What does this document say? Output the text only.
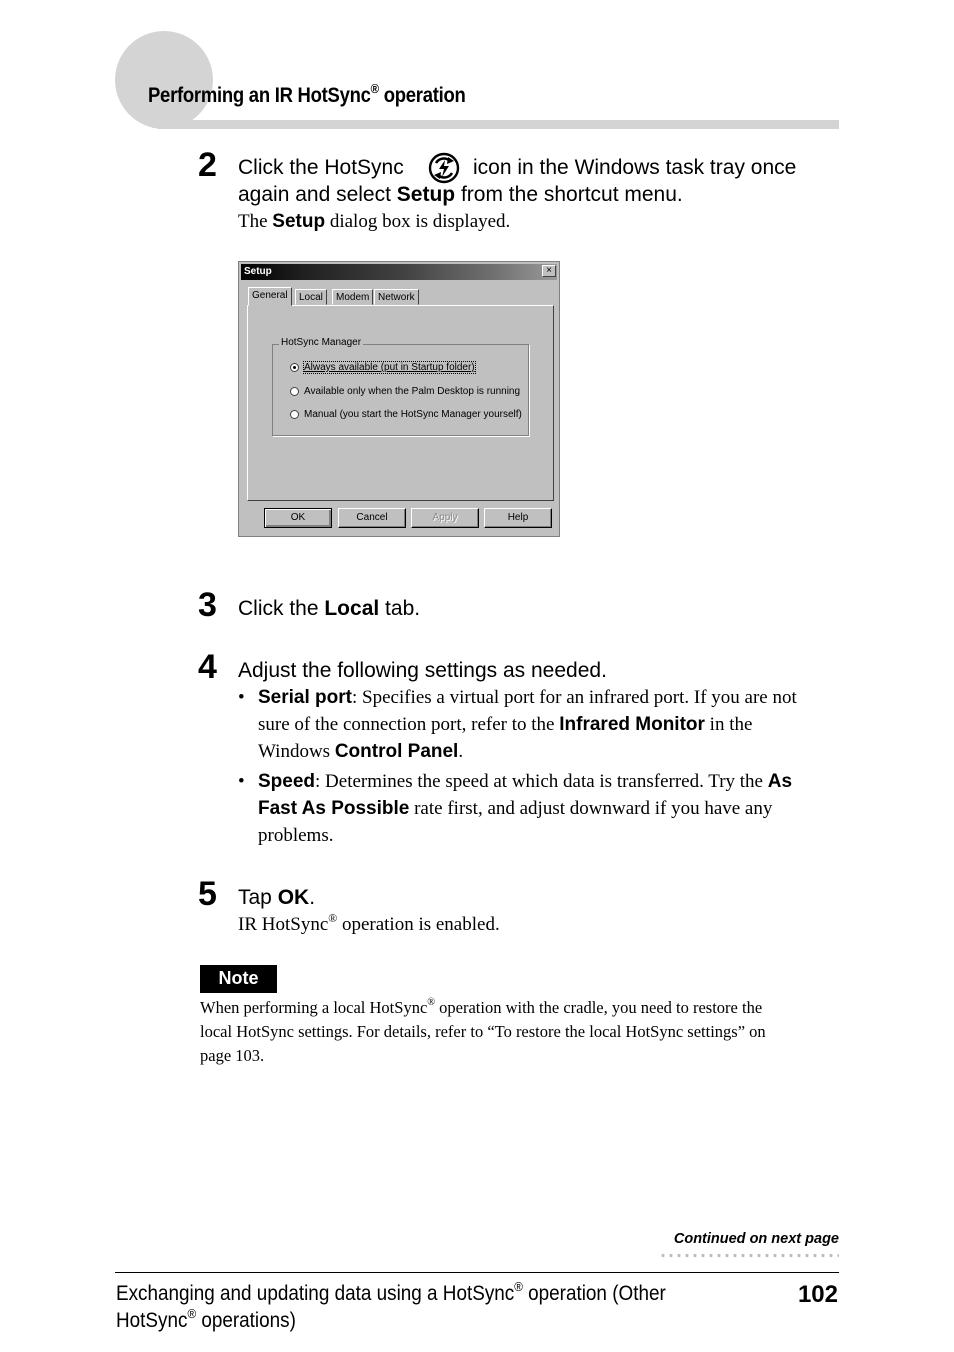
Performing an IR HotSync® operation
2 Click the HotSync	icon in the Windows task tray once
again and select Setup from the shortcut menu.
The Setup dialog box is displayed.
Setup	×
General	Local	Modem Network
HotSync Manager
Always available (put in Startup folder)
Available only when the Palm Desktop is running
Manual (you start the HotSync Manager yourself)
OK	Cancel	Apply	Help
3 Click the Local tab.
4 Adjust the following settings as needed.
• Serial port: Specifies a virtual port for an infrared port. If you are not
sure of the connection port, refer to the Infrared Monitor in the
Windows Control Panel.
• Speed: Determines the speed at which data is transferred. Try the As
Fast As Possible rate first, and adjust downward if you have any
problems.
5 Tap OK.
IR HotSync® operation is enabled.
Note
When performing a local HotSync® operation with the cradle, you need to restore the
local HotSync settings. For details, refer to “To restore the local HotSync settings” on
page 103.
Continued on next page
Exchanging and updating data using a HotSync® operation (Other
HotSync® operations)
102
